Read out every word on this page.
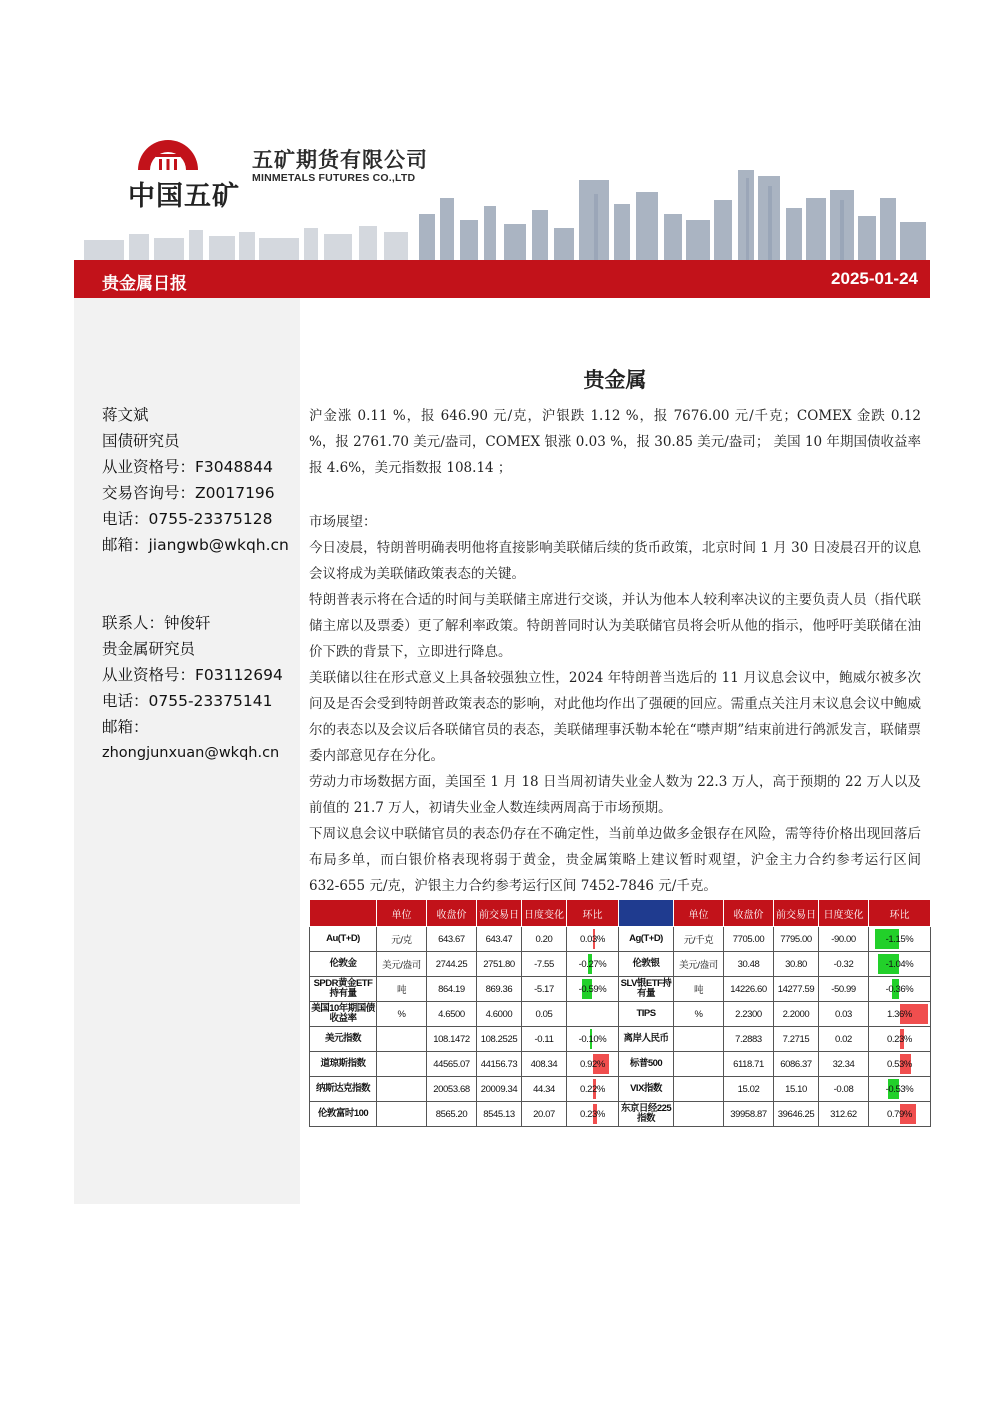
中国五矿
五矿期货有限公司
MINMETALS FUTURES CO.,LTD
贵金属日报	2025-01-24
蒋文斌
国债研究员
从业资格号：F3048844
交易咨询号：Z0017196
电话：0755-23375128
邮箱：jiangwb@wkqh.cn
联系人：钟俊轩
贵金属研究员
从业资格号：F03112694
电话：0755-23375141
邮箱：
zhongjunxuan@wkqh.cn
贵金属
沪金涨 0.11 %，报 646.90 元/克，沪银跌 1.12 %，报 7676.00 元/千克；COMEX 金跌 0.12 %，报 2761.70 美元/盎司，COMEX 银涨 0.03 %，报 30.85 美元/盎司； 美国 10 年期国债收益率报 4.6%，美元指数报 108.14 ；
市场展望：
今日凌晨，特朗普明确表明他将直接影响美联储后续的货币政策，北京时间 1 月 30 日凌晨召开的议息会议将成为美联储政策表态的关键。
特朗普表示将在合适的时间与美联储主席进行交谈，并认为他本人较利率决议的主要负责人员（指代联储主席以及票委）更了解利率政策。特朗普同时认为美联储官员将会听从他的指示，他呼吁美联储在油价下跌的背景下，立即进行降息。
美联储以往在形式意义上具备较强独立性，2024 年特朗普当选后的 11 月议息会议中，鲍威尔被多次问及是否会受到特朗普政策表态的影响，对此他均作出了强硬的回应。需重点关注月末议息会议中鲍威尔的表态以及会议后各联储官员的表态，美联储理事沃勒本轮在“噤声期”结束前进行鸽派发言，联储票委内部意见存在分化。
劳动力市场数据方面，美国至 1 月 18 日当周初请失业金人数为 22.3 万人，高于预期的 22 万人以及前值的 21.7 万人，初请失业金人数连续两周高于市场预期。
下周议息会议中联储官员的表态仍存在不确定性，当前单边做多金银存在风险，需等待价格出现回落后布局多单，而白银价格表现将弱于黄金，贵金属策略上建议暂时观望，沪金主力合约参考运行区间 632-655 元/克，沪银主力合约参考运行区间 7452-7846 元/千克。
	单位	收盘价	前交易日	日度变化	环比		单位	收盘价	前交易日	日度变化	环比
Au(T+D)	元/克	643.67	643.47	0.20	0.03%	Ag(T+D)	元/千克	7705.00	7795.00	-90.00	-1.15%
伦敦金	美元/盎司	2744.25	2751.80	-7.55	-0.27%	伦敦银	美元/盎司	30.48	30.80	-0.32	-1.04%
SPDR黄金ETF持有量	吨	864.19	869.36	-5.17	-0.59%	SLV银ETF持有量	吨	14226.60	14277.59	-50.99	-0.36%
美国10年期国债收益率	%	4.6500	4.6000	0.05		TIPS	%	2.2300	2.2000	0.03	1.36%
美元指数		108.1472	108.2525	-0.11	-0.10%	离岸人民币		7.2883	7.2715	0.02	0.23%
道琼斯指数		44565.07	44156.73	408.34	0.92%	标普500		6118.71	6086.37	32.34	0.53%
纳斯达克指数		20053.68	20009.34	44.34	0.22%	VIX指数		15.02	15.10	-0.08	-0.53%
伦敦富时100		8565.20	8545.13	20.07	0.23%	东京日经225指数		39958.87	39646.25	312.62	0.79%
